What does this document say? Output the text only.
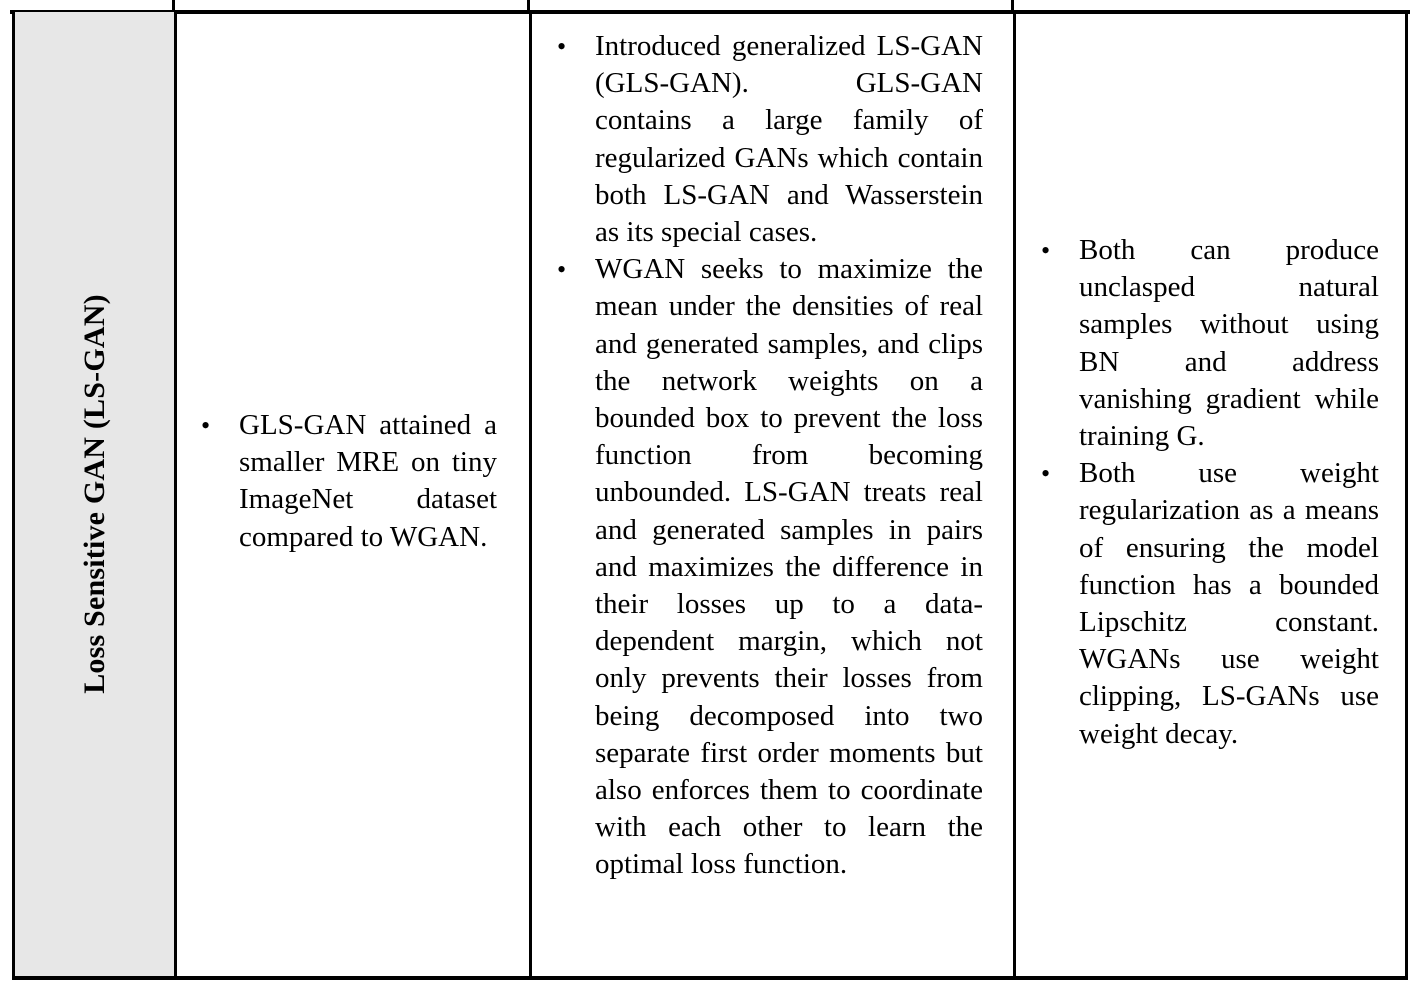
Loss Sensitive GAN (LS-GAN)	• GLS-GAN attained a smaller MRE on tiny ImageNet dataset compared to WGAN.
• Introduced generalized LS-GAN (GLS-GAN). GLS-GAN contains a large family of regularized GANs which contain both LS-GAN and Wasserstein as its special cases.
• WGAN seeks to maximize the mean under the densities of real and generated samples, and clips the network weights on a bounded box to prevent the loss function from becoming unbounded. LS-GAN treats real and generated samples in pairs and maximizes the difference in their losses up to a data-dependent margin, which not only prevents their losses from being decomposed into two separate first order moments but also enforces them to coordinate with each other to learn the optimal loss function.
• Both can produce unclasped natural samples without using BN and address vanishing gradient while training G.
• Both use weight regularization as a means of ensuring the model function has a bounded Lipschitz constant. WGANs use weight clipping, LS-GANs use weight decay.
